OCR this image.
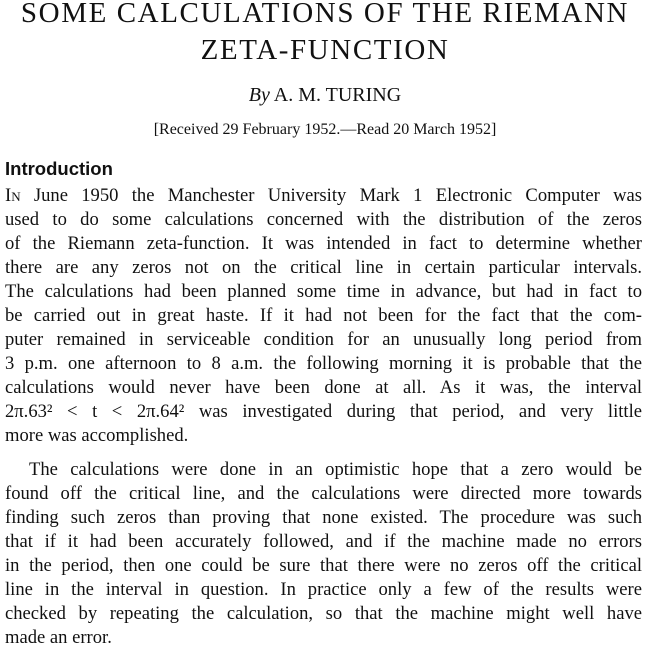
SOME CALCULATIONS OF THE RIEMANN
ZETA-FUNCTION
By A. M. TURING
[Received 29 February 1952.—Read 20 March 1952]
Introduction
In June 1950 the Manchester University Mark 1 Electronic Computer was
used to do some calculations concerned with the distribution of the zeros
of the Riemann zeta-function. It was intended in fact to determine whether
there are any zeros not on the critical line in certain particular intervals.
The calculations had been planned some time in advance, but had in fact to
be carried out in great haste. If it had not been for the fact that the com-
puter remained in serviceable condition for an unusually long period from
3 p.m. one afternoon to 8 a.m. the following morning it is probable that the
calculations would never have been done at all. As it was, the interval
2π.63² < t < 2π.64² was investigated during that period, and very little
more was accomplished.
The calculations were done in an optimistic hope that a zero would be
found off the critical line, and the calculations were directed more towards
finding such zeros than proving that none existed. The procedure was such
that if it had been accurately followed, and if the machine made no errors
in the period, then one could be sure that there were no zeros off the critical
line in the interval in question. In practice only a few of the results were
checked by repeating the calculation, so that the machine might well have
made an error.
